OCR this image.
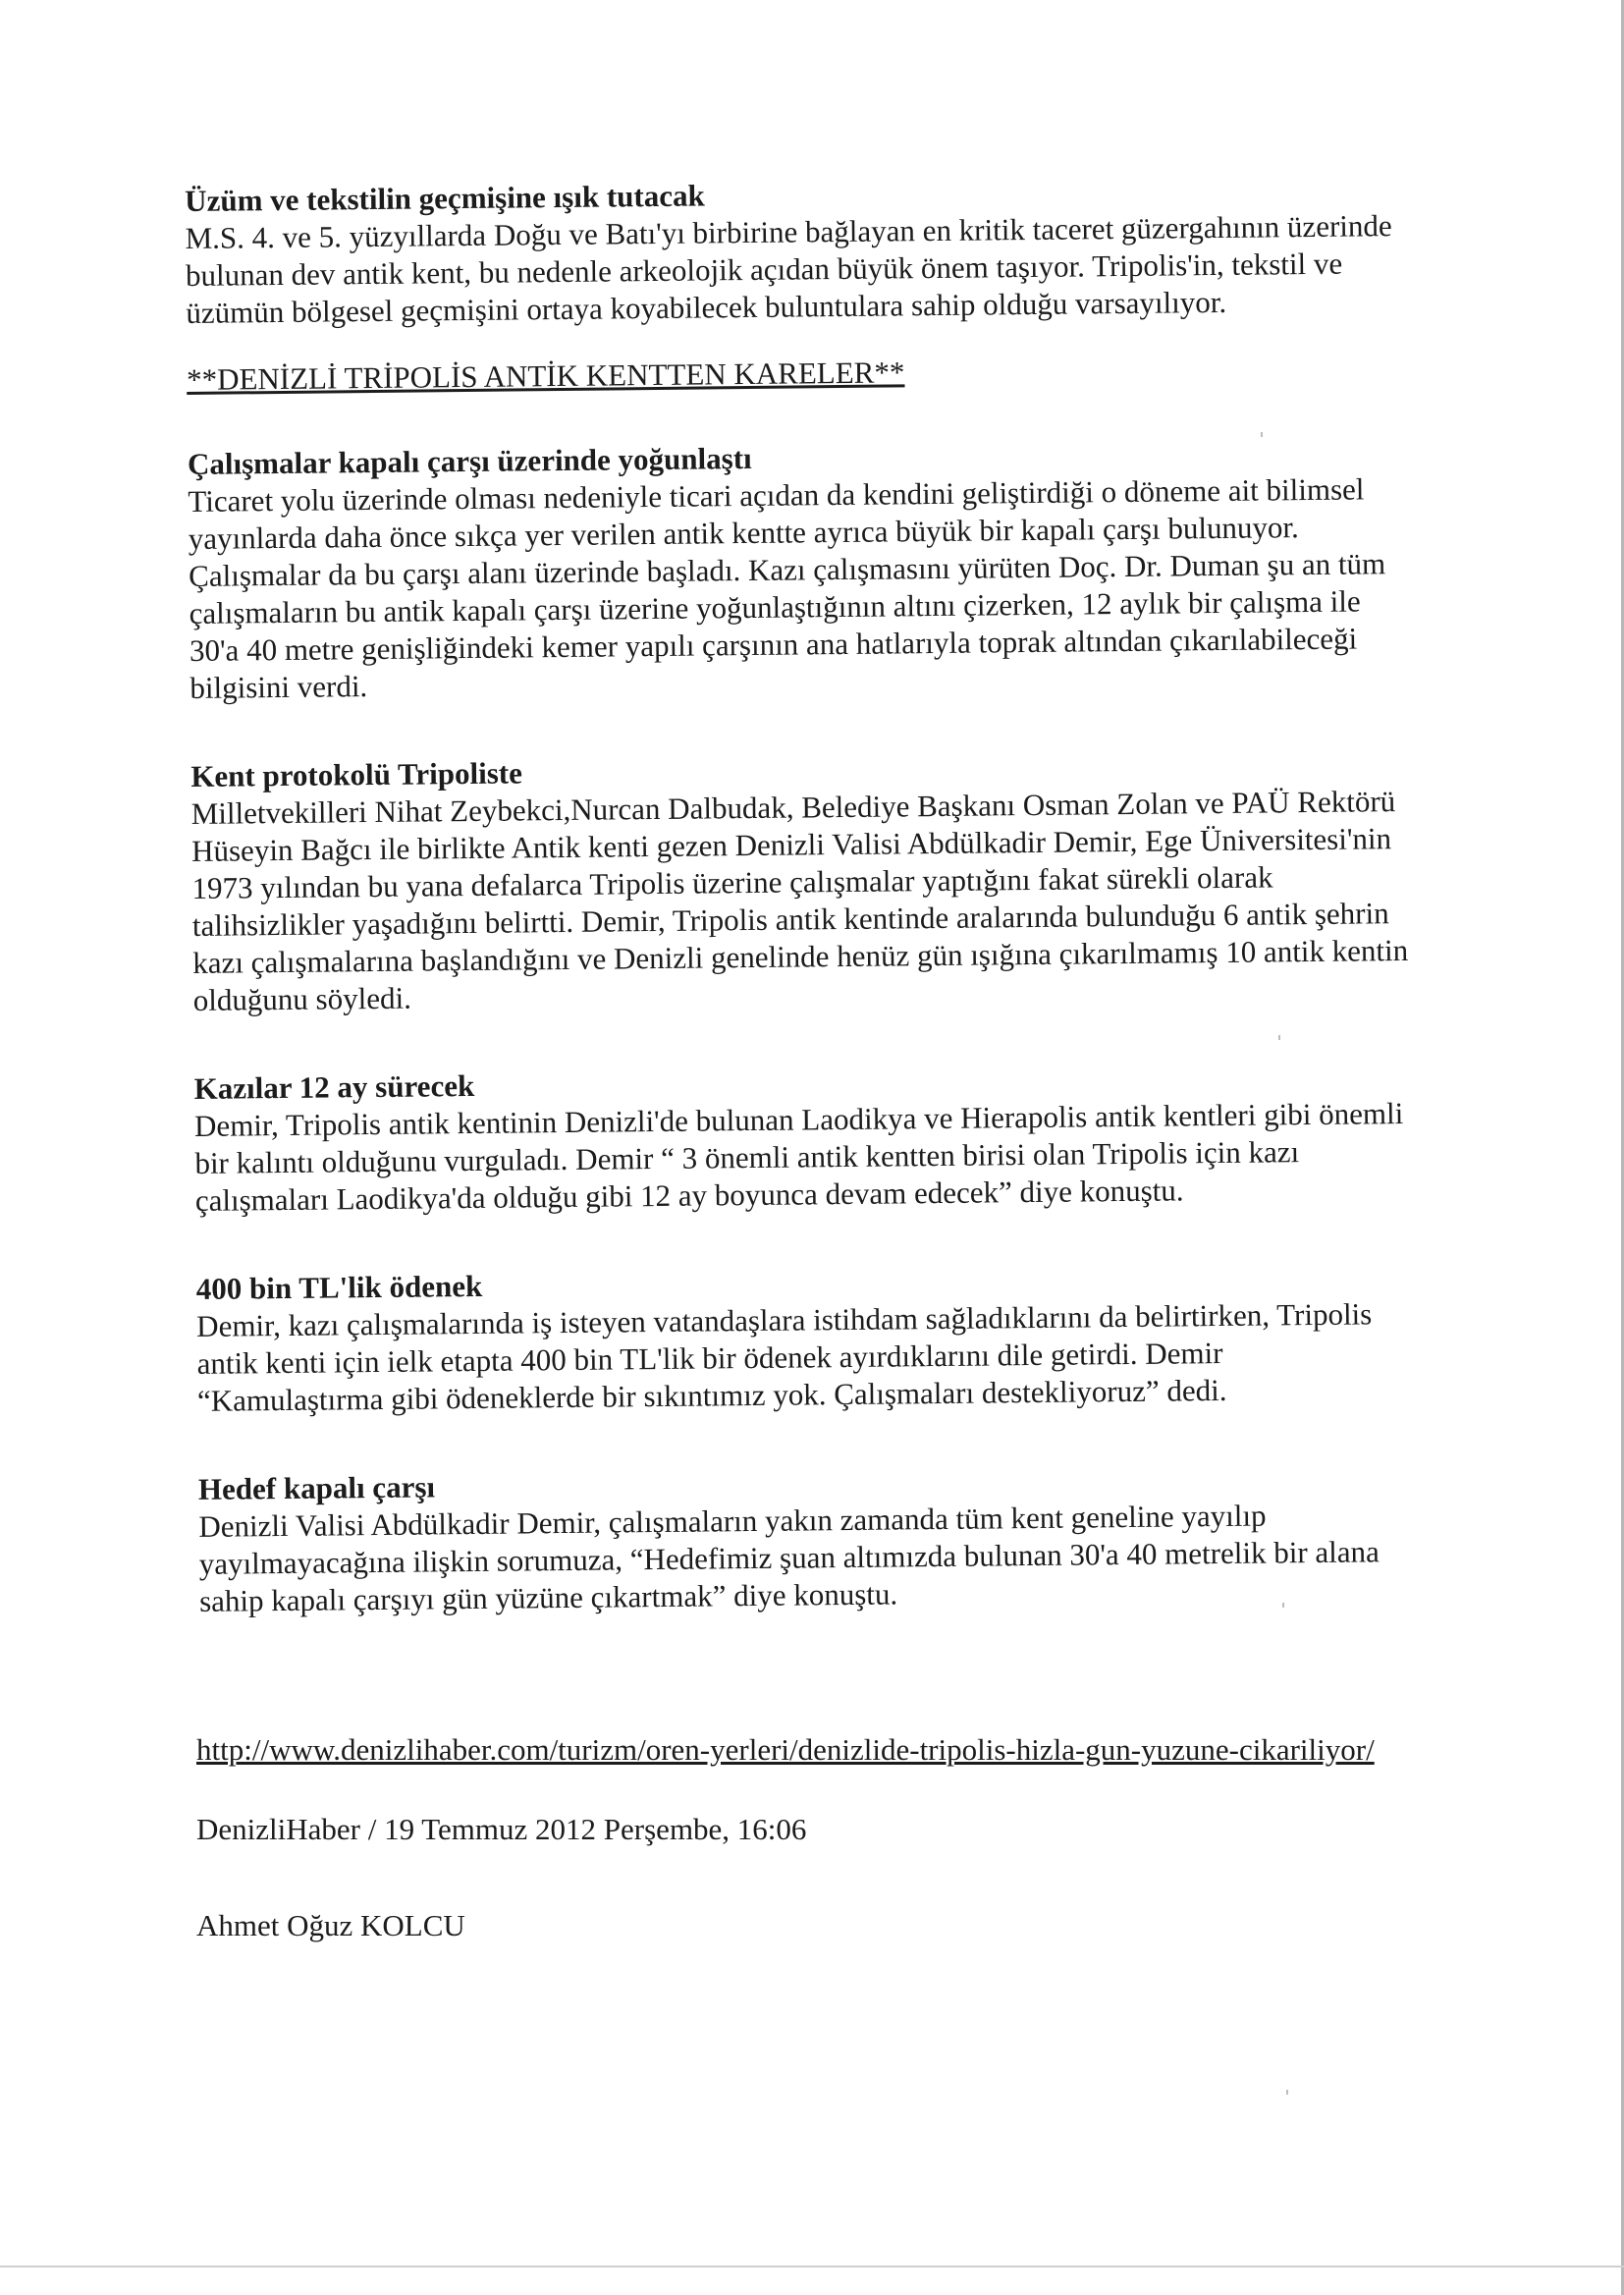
Üzüm ve tekstilin geçmişine ışık tutacak

M.S. 4. ve 5. yüzyıllarda Doğu ve Batı'yı birbirine bağlayan en kritik taceret güzergahının üzerinde bulunan dev antik kent, bu nedenle arkeolojik açıdan büyük önem taşıyor. Tripolis'in, tekstil ve üzümün bölgesel geçmişini ortaya koyabilecek buluntulara sahip olduğu varsayılıyor.

**DENİZLİ TRİPOLİS ANTİK KENTTEN KARELER**

Çalışmalar kapalı çarşı üzerinde yoğunlaştı

Ticaret yolu üzerinde olması nedeniyle ticari açıdan da kendini geliştirdiği o döneme ait bilimsel yayınlarda daha önce sıkça yer verilen antik kentte ayrıca büyük bir kapalı çarşı bulunuyor. Çalışmalar da bu çarşı alanı üzerinde başladı. Kazı çalışmasını yürüten Doç. Dr. Duman şu an tüm çalışmaların bu antik kapalı çarşı üzerine yoğunlaştığının altını çizerken, 12 aylık bir çalışma ile 30'a 40 metre genişliğindeki kemer yapılı çarşının ana hatlarıyla toprak altından çıkarılabileceği bilgisini verdi.

Kent protokolü Tripoliste

Milletvekilleri Nihat Zeybekci,Nurcan Dalbudak, Belediye Başkanı Osman Zolan ve PAÜ Rektörü Hüseyin Bağcı ile birlikte Antik kenti gezen Denizli Valisi Abdülkadir Demir, Ege Üniversitesi'nin 1973 yılından bu yana defalarca Tripolis üzerine çalışmalar yaptığını fakat sürekli olarak talihsizlikler yaşadığını belirtti. Demir, Tripolis antik kentinde aralarında bulunduğu 6 antik şehrin kazı çalışmalarına başlandığını ve Denizli genelinde henüz gün ışığına çıkarılmamış 10 antik kentin olduğunu söyledi.

Kazılar 12 ay sürecek

Demir, Tripolis antik kentinin Denizli'de bulunan Laodikya ve Hierapolis antik kentleri gibi önemli bir kalıntı olduğunu vurguladı. Demir “ 3 önemli antik kentten birisi olan Tripolis için kazı çalışmaları Laodikya'da olduğu gibi 12 ay boyunca devam edecek” diye konuştu.

400 bin TL'lik ödenek

Demir, kazı çalışmalarında iş isteyen vatandaşlara istihdam sağladıklarını da belirtirken, Tripolis antik kenti için ielk etapta 400 bin TL'lik bir ödenek ayırdıklarını dile getirdi. Demir “Kamulaştırma gibi ödeneklerde bir sıkıntımız yok. Çalışmaları destekliyoruz” dedi.

Hedef kapalı çarşı

Denizli Valisi Abdülkadir Demir, çalışmaların yakın zamanda tüm kent geneline yayılıp yayılmayacağına ilişkin sorumuza, “Hedefimiz şuan altımızda bulunan 30'a 40 metrelik bir alana sahip kapalı çarşıyı gün yüzüne çıkartmak” diye konuştu.

http://www.denizlihaber.com/turizm/oren-yerleri/denizlide-tripolis-hizla-gun-yuzune-cikariliyor/

DenizliHaber / 19 Temmuz 2012 Perşembe, 16:06

Ahmet Oğuz KOLCU
